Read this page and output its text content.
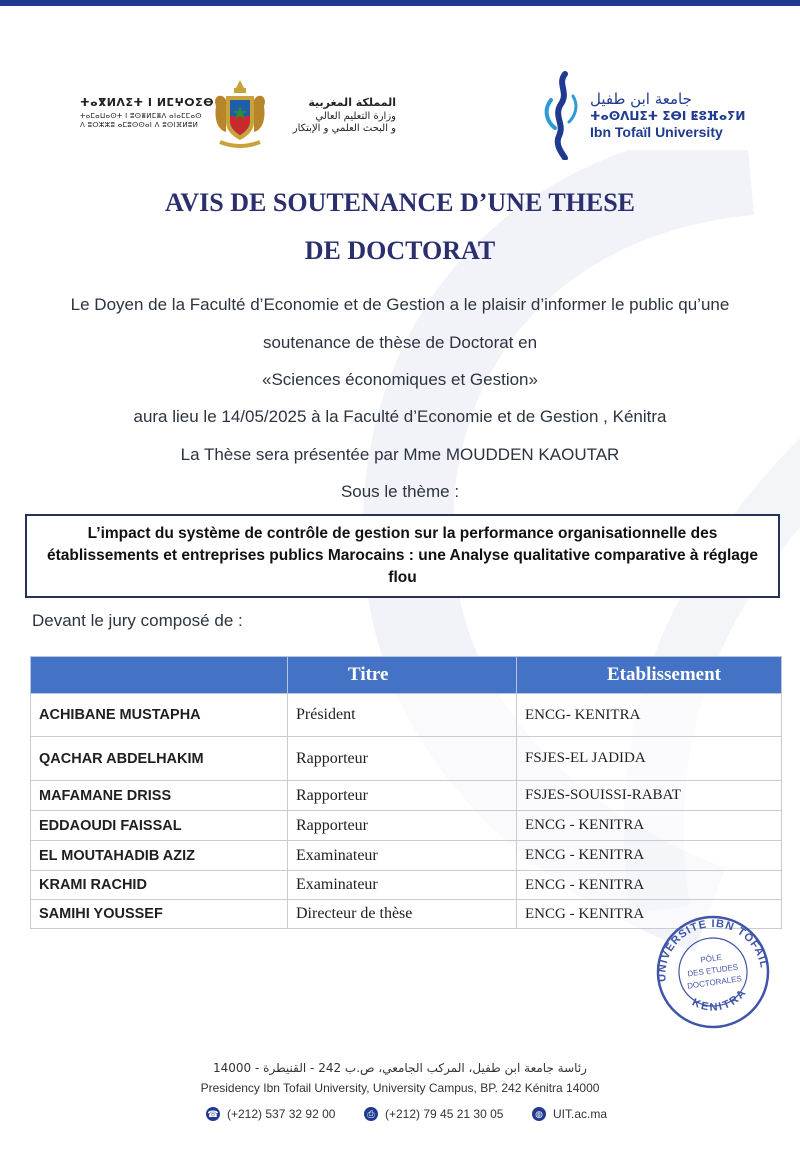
ⵜⴰⴳⵍⴷⵉⵜ ⵏ ⵍⵎⵖⵔⵉⴱ
ⵜⴰⵎⴰⵡⴰⵙⵜ ⵏ ⵓⵙⴻⵍⵎⴻⴷ ⴰⵏⴰⵎⵎⴰⵙ
ⴷ ⵓⵔⵣⵣⵓ ⴰⵎⵓⵙⵙⴰⵏ ⴷ ⵓⵙⵏⴼⵍⵓⵍ
المملكة المغربية
وزارة التعليم العالي
و البحث العلمي و الإبتكار
جامعة ابن طفيل
ⵜⴰⵙⴷⵡⵉⵜ ⵉⴱⵏ ⵟⵓⴼⴰⵢⵍ
Ibn Tofaïl University
AVIS DE SOUTENANCE D’UNE THESE
DE DOCTORAT
Le Doyen de la Faculté d’Economie et de Gestion a le plaisir d’informer le public qu’une
soutenance de thèse de Doctorat en
«Sciences économiques et Gestion»
aura lieu le 14/05/2025 à la Faculté d’Economie et de Gestion , Kénitra
La Thèse sera présentée par Mme MOUDDEN KAOUTAR
Sous le thème :
L’impact du système de contrôle de gestion sur la performance organisationnelle des établissements et entreprises publics Marocains : une Analyse qualitative comparative à réglage flou
Devant le jury composé de :
	Titre	Etablissement
ACHIBANE MUSTAPHA	Président	ENCG- KENITRA
QACHAR ABDELHAKIM	Rapporteur	FSJES-EL JADIDA
MAFAMANE DRISS	Rapporteur	FSJES-SOUISSI-RABAT
EDDAOUDI FAISSAL	Rapporteur	ENCG - KENITRA
EL MOUTAHADIB AZIZ	Examinateur	ENCG - KENITRA
KRAMI RACHID	Examinateur	ENCG - KENITRA
SAMIHI YOUSSEF	Directeur de thèse	ENCG - KENITRA
UNIVERSITE IBN TOFAIL
KENITRA
PÔLE
DES ETUDES
DOCTORALES
رئاسة جامعة ابن طفيل، المركب الجامعي، ص.ب 242 - القنيطرة - 14000
Presidency Ibn Tofail University, University Campus, BP. 242 Kénitra 14000
☎ (+212) 537 32 92 00	⎙ (+212) 79 45 21 30 05	◍ UIT.ac.ma
